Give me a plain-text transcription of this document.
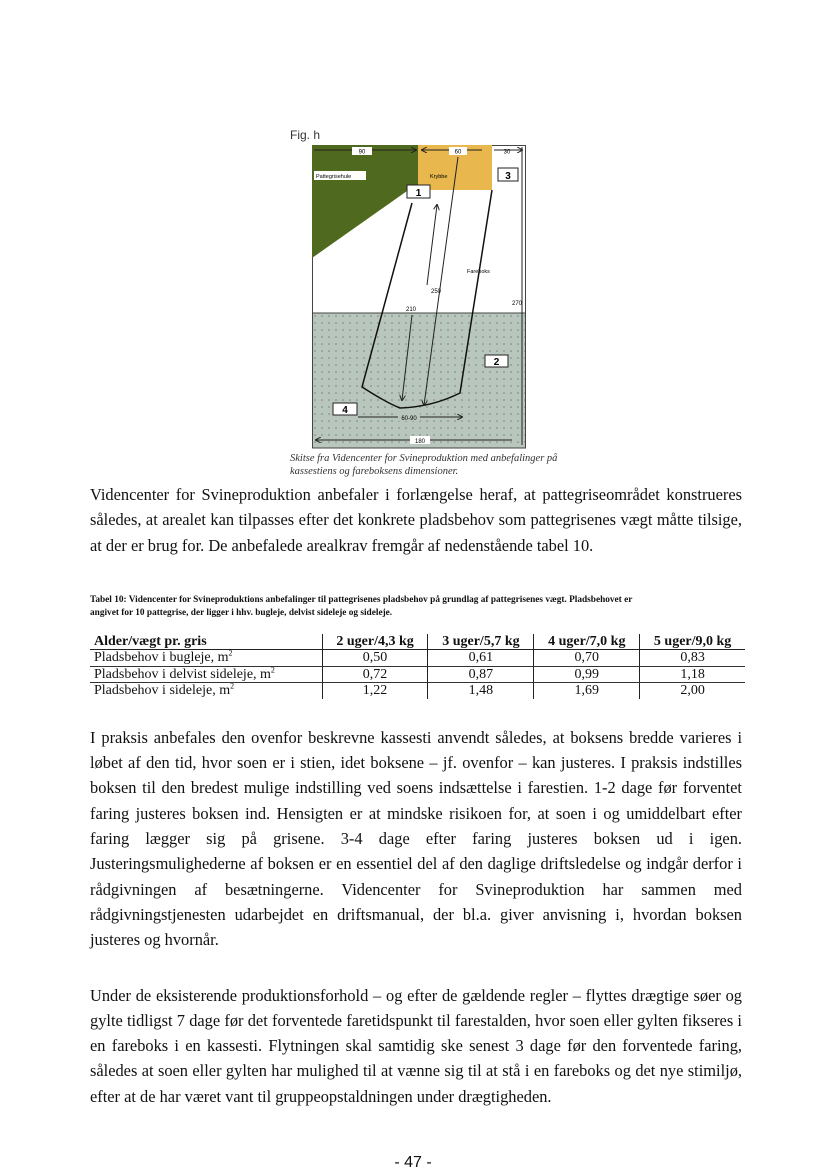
Fig. h
90	60	30
Pattegrisehule	Krybbe
Fareboks
250
210
270
60-90
180
1
2
3
4
Skitse fra Videncenter for Svineproduktion med anbefalinger på kassestiens og fareboksens dimensioner.

Videncenter for Svineproduktion anbefaler i forlængelse heraf, at pattegriseområdet konstrueres således, at arealet kan tilpasses efter det konkrete pladsbehov som pattegrisenes vægt måtte tilsige, at der er brug for. De anbefalede arealkrav fremgår af nedenstående tabel 10.

Tabel 10: Videncenter for Svineproduktions anbefalinger til pattegrisenes pladsbehov på grundlag af pattegrisenes vægt. Pladsbehovet er angivet for 10 pattegrise, der ligger i hhv. bugleje, delvist sideleje og sideleje.
Alder/vægt pr. gris	2 uger/4,3 kg	3 uger/5,7 kg	4 uger/7,0 kg	5 uger/9,0 kg
Pladsbehov i bugleje, $m^2$	0,50	0,61	0,70	0,83
Pladsbehov i delvist sideleje, $m^2$	0,72	0,87	0,99	1,18
Pladsbehov i sideleje, $m^2$	1,22	1,48	1,69	2,00

I praksis anbefales den ovenfor beskrevne kassesti anvendt således, at boksens bredde varieres i løbet af den tid, hvor soen er i stien, idet boksene – jf. ovenfor – kan justeres. I praksis indstilles boksen til den bredest mulige indstilling ved soens indsættelse i farestien. 1-2 dage før forventet faring justeres boksen ind. Hensigten er at mindske risikoen for, at soen i og umiddelbart efter faring lægger sig på grisene. 3-4 dage efter faring justeres boksen ud i igen. Justeringsmulighederne af boksen er en essentiel del af den daglige driftsledelse og indgår derfor i rådgivningen af besætningerne. Videncenter for Svineproduktion har sammen med rådgivningstjenesten udarbejdet en driftsmanual, der bl.a. giver anvisning i, hvordan boksen justeres og hvornår.

Under de eksisterende produktionsforhold – og efter de gældende regler – flyttes drægtige søer og gylte tidligst 7 dage før det forventede faretidspunkt til farestalden, hvor soen eller gylten fikseres i en fareboks i en kassesti. Flytningen skal samtidig ske senest 3 dage før den forventede faring, således at soen eller gylten har mulighed til at vænne sig til at stå i en fareboks og det nye stimiljø, efter at de har været vant til gruppeopstaldningen under drægtigheden.

- 47 -
